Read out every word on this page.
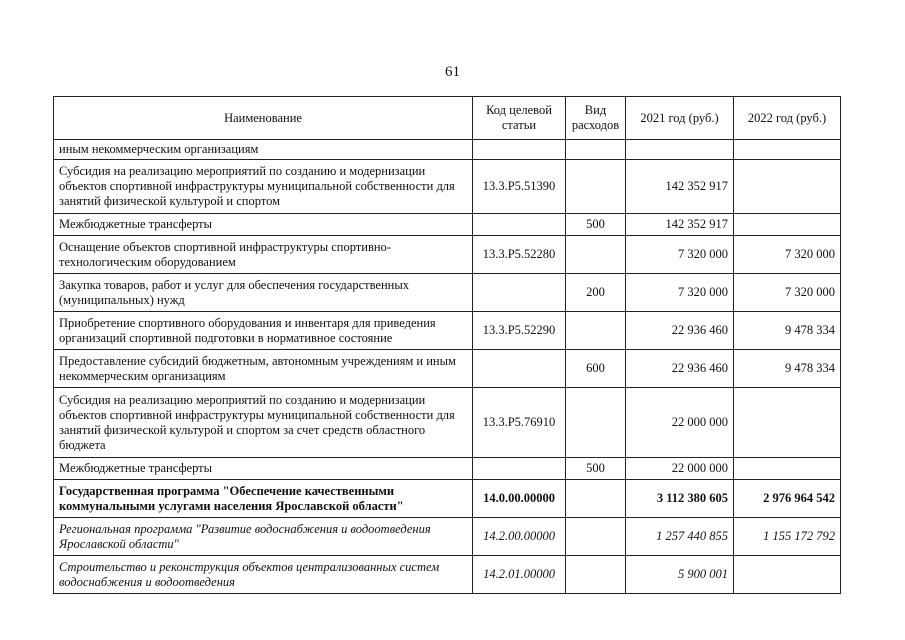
61
Наименование	Код целевой статьи	Вид расходов	2021 год (руб.)	2022 год (руб.)
иным некоммерческим организациям				
Субсидия на реализацию мероприятий по созданию и модернизации объектов спортивной инфраструктуры муниципальной собственности для занятий физической культурой и спортом	13.3.P5.51390		142 352 917	
Межбюджетные трансферты		500	142 352 917	
Оснащение объектов спортивной инфраструктуры спортивно-технологическим оборудованием	13.3.P5.52280		7 320 000	7 320 000
Закупка товаров, работ и услуг для обеспечения государственных (муниципальных) нужд		200	7 320 000	7 320 000
Приобретение спортивного оборудования и инвентаря для приведения организаций спортивной подготовки в нормативное состояние	13.3.P5.52290		22 936 460	9 478 334
Предоставление субсидий бюджетным, автономным учреждениям и иным некоммерческим организациям		600	22 936 460	9 478 334
Субсидия на реализацию мероприятий по созданию и модернизации объектов спортивной инфраструктуры муниципальной собственности для занятий физической культурой и спортом за счет средств областного бюджета	13.3.P5.76910		22 000 000	
Межбюджетные трансферты		500	22 000 000	
Государственная программа "Обеспечение качественными коммунальными услугами населения Ярославской области"	14.0.00.00000		3 112 380 605	2 976 964 542
Региональная программа "Развитие водоснабжения и водоотведения Ярославской области"	14.2.00.00000		1 257 440 855	1 155 172 792
Строительство и реконструкция объектов централизованных систем водоснабжения и водоотведения	14.2.01.00000		5 900 001	
